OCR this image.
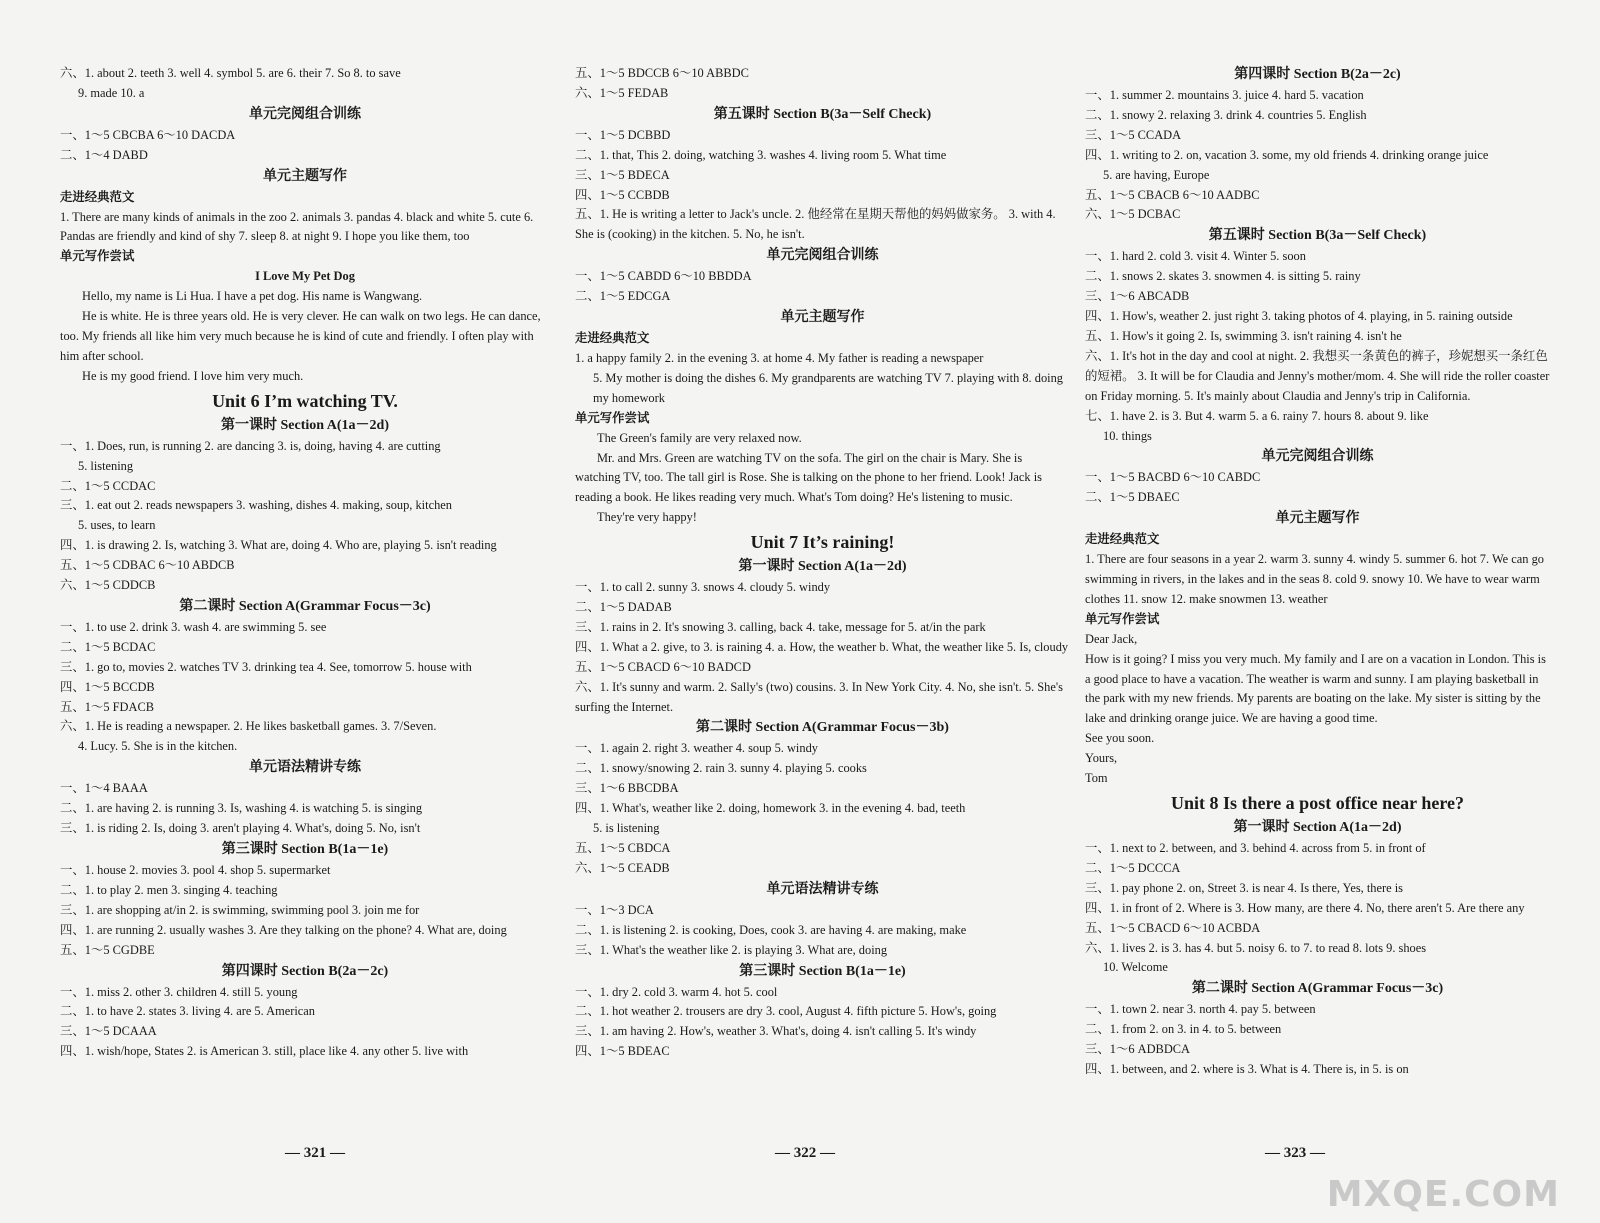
六、1. about 2. teeth 3. well 4. symbol 5. are 6. their 7. So 8. to save
9. made 10. a
单元完阅组合训练
一、1～5 CBCBA 6～10 DACDA
二、1～4 DABD
单元主题写作
走进经典范文
1. There are many kinds of animals in the zoo 2. animals 3. pandas 4. black and white 5. cute 6. Pandas are friendly and kind of shy 7. sleep 8. at night 9. I hope you like them, too
单元写作尝试
I Love My Pet Dog
Hello, my name is Li Hua. I have a pet dog. His name is Wangwang.
He is white. He is three years old. He is very clever. He can walk on two legs. He can dance, too. My friends all like him very much because he is kind of cute and friendly. I often play with him after school.
He is my good friend. I love him very much.
Unit 6 I’m watching TV.
第一课时 Section A(1a－2d)
一、1. Does, run, is running 2. are dancing 3. is, doing, having 4. are cutting
5. listening
二、1～5 CCDAC
三、1. eat out 2. reads newspapers 3. washing, dishes 4. making, soup, kitchen
5. uses, to learn
四、1. is drawing 2. Is, watching 3. What are, doing 4. Who are, playing 5. isn't reading
五、1～5 CDBAC 6～10 ABDCB
六、1～5 CDDCB
第二课时 Section A(Grammar Focus－3c)
一、1. to use 2. drink 3. wash 4. are swimming 5. see
二、1～5 BCDAC
三、1. go to, movies 2. watches TV 3. drinking tea 4. See, tomorrow 5. house with
四、1～5 BCCDB
五、1～5 FDACB
六、1. He is reading a newspaper. 2. He likes basketball games. 3. 7/Seven.
4. Lucy. 5. She is in the kitchen.
单元语法精讲专练
一、1～4 BAAA
二、1. are having 2. is running 3. Is, washing 4. is watching 5. is singing
三、1. is riding 2. Is, doing 3. aren't playing 4. What's, doing 5. No, isn't
第三课时 Section B(1a－1e)
一、1. house 2. movies 3. pool 4. shop 5. supermarket
二、1. to play 2. men 3. singing 4. teaching
三、1. are shopping at/in 2. is swimming, swimming pool 3. join me for
四、1. are running 2. usually washes 3. Are they talking on the phone? 4. What are, doing
五、1～5 CGDBE
第四课时 Section B(2a－2c)
一、1. miss 2. other 3. children 4. still 5. young
二、1. to have 2. states 3. living 4. are 5. American
三、1～5 DCAAA
四、1. wish/hope, States 2. is American 3. still, place like 4. any other 5. live with
五、1～5 BDCCB 6～10 ABBDC
六、1～5 FEDAB
第五课时 Section B(3a－Self Check)
一、1～5 DCBBD
二、1. that, This 2. doing, watching 3. washes 4. living room 5. What time
三、1～5 BDECA
四、1～5 CCBDB
五、1. He is writing a letter to Jack's uncle. 2. 他经常在星期天帮他的妈妈做家务。 3. with 4. She is (cooking) in the kitchen. 5. No, he isn't.
单元完阅组合训练
一、1～5 CABDD 6～10 BBDDA
二、1～5 EDCGA
单元主题写作
走进经典范文
1. a happy family 2. in the evening 3. at home 4. My father is reading a newspaper
5. My mother is doing the dishes 6. My grandparents are watching TV 7. playing with 8. doing my homework
单元写作尝试
The Green's family are very relaxed now.
Mr. and Mrs. Green are watching TV on the sofa. The girl on the chair is Mary. She is watching TV, too. The tall girl is Rose. She is talking on the phone to her friend. Look! Jack is reading a book. He likes reading very much. What's Tom doing? He's listening to music.
They're very happy!
Unit 7 It’s raining!
第一课时 Section A(1a－2d)
一、1. to call 2. sunny 3. snows 4. cloudy 5. windy
二、1～5 DADAB
三、1. rains in 2. It's snowing 3. calling, back 4. take, message for 5. at/in the park
四、1. What a 2. give, to 3. is raining 4. a. How, the weather b. What, the weather like 5. Is, cloudy
五、1～5 CBACD 6～10 BADCD
六、1. It's sunny and warm. 2. Sally's (two) cousins. 3. In New York City. 4. No, she isn't. 5. She's surfing the Internet.
第二课时 Section A(Grammar Focus－3b)
一、1. again 2. right 3. weather 4. soup 5. windy
二、1. snowy/snowing 2. rain 3. sunny 4. playing 5. cooks
三、1～6 BBCDBA
四、1. What's, weather like 2. doing, homework 3. in the evening 4. bad, teeth
5. is listening
五、1～5 CBDCA
六、1～5 CEADB
单元语法精讲专练
一、1～3 DCA
二、1. is listening 2. is cooking, Does, cook 3. are having 4. are making, make
三、1. What's the weather like 2. is playing 3. What are, doing
第三课时 Section B(1a－1e)
一、1. dry 2. cold 3. warm 4. hot 5. cool
二、1. hot weather 2. trousers are dry 3. cool, August 4. fifth picture 5. How's, going
三、1. am having 2. How's, weather 3. What's, doing 4. isn't calling 5. It's windy
四、1～5 BDEAC
第四课时 Section B(2a－2c)
一、1. summer 2. mountains 3. juice 4. hard 5. vacation
二、1. snowy 2. relaxing 3. drink 4. countries 5. English
三、1～5 CCADA
四、1. writing to 2. on, vacation 3. some, my old friends 4. drinking orange juice
5. are having, Europe
五、1～5 CBACB 6～10 AADBC
六、1～5 DCBAC
第五课时 Section B(3a－Self Check)
一、1. hard 2. cold 3. visit 4. Winter 5. soon
二、1. snows 2. skates 3. snowmen 4. is sitting 5. rainy
三、1～6 ABCADB
四、1. How's, weather 2. just right 3. taking photos of 4. playing, in 5. raining outside
五、1. How's it going 2. Is, swimming 3. isn't raining 4. isn't he
六、1. It's hot in the day and cool at night. 2. 我想买一条黄色的裤子，珍妮想买一条红色的短裙。 3. It will be for Claudia and Jenny's mother/mom. 4. She will ride the roller coaster on Friday morning. 5. It's mainly about Claudia and Jenny's trip in California.
七、1. have 2. is 3. But 4. warm 5. a 6. rainy 7. hours 8. about 9. like
10. things
单元完阅组合训练
一、1～5 BACBD 6～10 CABDC
二、1～5 DBAEC
单元主题写作
走进经典范文
1. There are four seasons in a year 2. warm 3. sunny 4. windy 5. summer 6. hot 7. We can go swimming in rivers, in the lakes and in the seas 8. cold 9. snowy 10. We have to wear warm clothes 11. snow 12. make snowmen 13. weather
单元写作尝试
Dear Jack,
How is it going? I miss you very much. My family and I are on a vacation in London. This is a good place to have a vacation. The weather is warm and sunny. I am playing basketball in the park with my new friends. My parents are boating on the lake. My sister is sitting by the lake and drinking orange juice. We are having a good time.
See you soon.
Yours,
Tom
Unit 8 Is there a post office near here?
第一课时 Section A(1a－2d)
一、1. next to 2. between, and 3. behind 4. across from 5. in front of
二、1～5 DCCCA
三、1. pay phone 2. on, Street 3. is near 4. Is there, Yes, there is
四、1. in front of 2. Where is 3. How many, are there 4. No, there aren't 5. Are there any
五、1～5 CBACD 6～10 ACBDA
六、1. lives 2. is 3. has 4. but 5. noisy 6. to 7. to read 8. lots 9. shoes
10. Welcome
第二课时 Section A(Grammar Focus－3c)
一、1. town 2. near 3. north 4. pay 5. between
二、1. from 2. on 3. in 4. to 5. between
三、1～6 ADBDCA
四、1. between, and 2. where is 3. What is 4. There is, in 5. is on
— 321 —	— 322 —	— 323 —
MXQE.COM
